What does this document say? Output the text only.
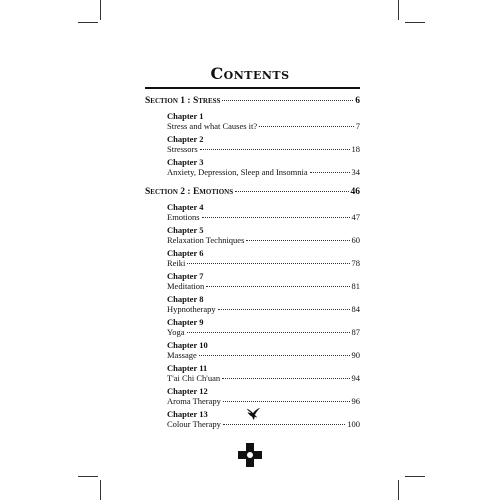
Contents
Section 1 : Stress	6
Chapter 1
Stress and what Causes it?	7
Chapter 2
Stressors	18
Chapter 3
Anxiety, Depression, Sleep and Insomnia	34
Section 2 : Emotions	46
Chapter 4
Emotions	47
Chapter 5
Relaxation Techniques	60
Chapter 6
Reiki	78
Chapter 7
Meditation	81
Chapter 8
Hypnotherapy	84
Chapter 9
Yoga	87
Chapter 10
Massage	90
Chapter 11
T'ai Chi Ch'uan	94
Chapter 12
Aroma Therapy	96
Chapter 13
Colour Therapy	100
